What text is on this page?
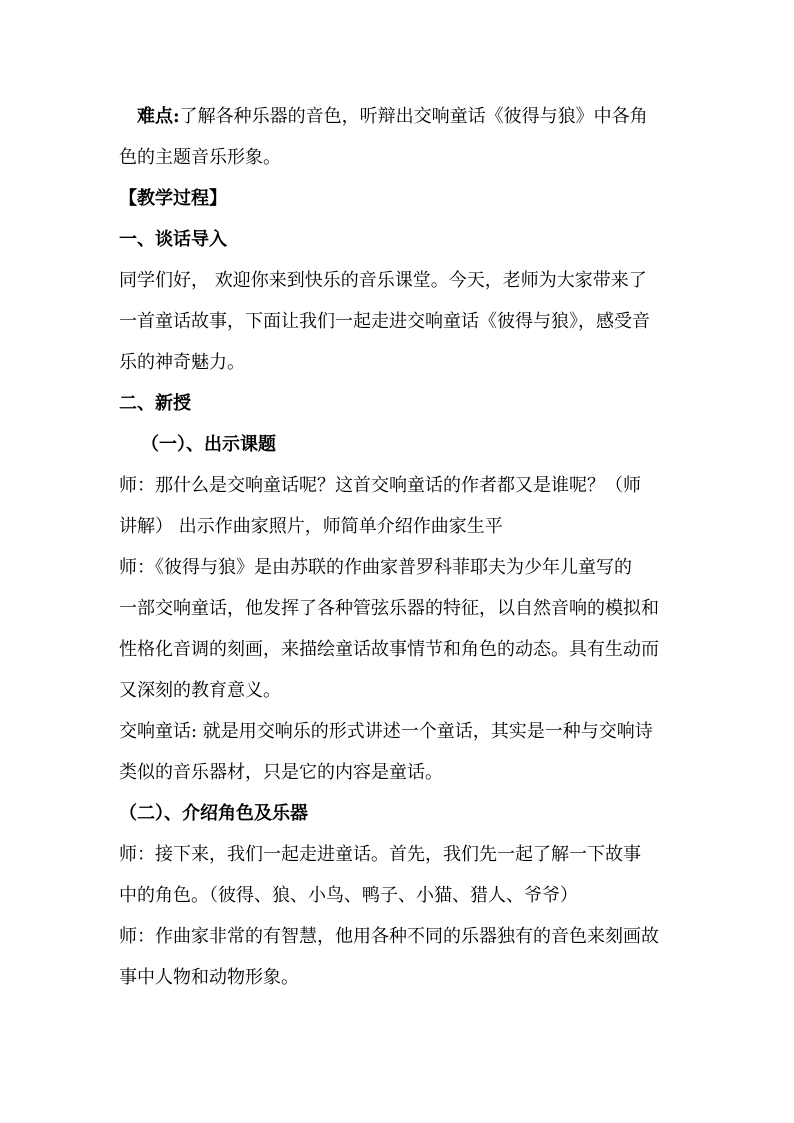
难点:了解各种乐器的音色，听辩出交响童话《彼得与狼》中各角

色的主题音乐形象。

【教学过程】

一、谈话导入

同学们好， 欢迎你来到快乐的音乐课堂。今天，老师为大家带来了

一首童话故事，下面让我们一起走进交响童话《彼得与狼》，感受音

乐的神奇魅力。

二、新授

（一）、出示课题

师：那什么是交响童话呢？这首交响童话的作者都又是谁呢？（师

讲解） 出示作曲家照片，师简单介绍作曲家生平

师：《彼得与狼》是由苏联的作曲家普罗科菲耶夫为少年儿童写的

一部交响童话，他发挥了各种管弦乐器的特征，以自然音响的模拟和

性格化音调的刻画，来描绘童话故事情节和角色的动态。具有生动而

又深刻的教育意义。

交响童话: 就是用交响乐的形式讲述一个童话，其实是一种与交响诗

类似的音乐器材，只是它的内容是童话。

（二）、介绍角色及乐器

师：接下来，我们一起走进童话。首先，我们先一起了解一下故事

中的角色。（彼得、狼、小鸟、鸭子、小猫、猎人、爷爷）

师：作曲家非常的有智慧，他用各种不同的乐器独有的音色来刻画故

事中人物和动物形象。
